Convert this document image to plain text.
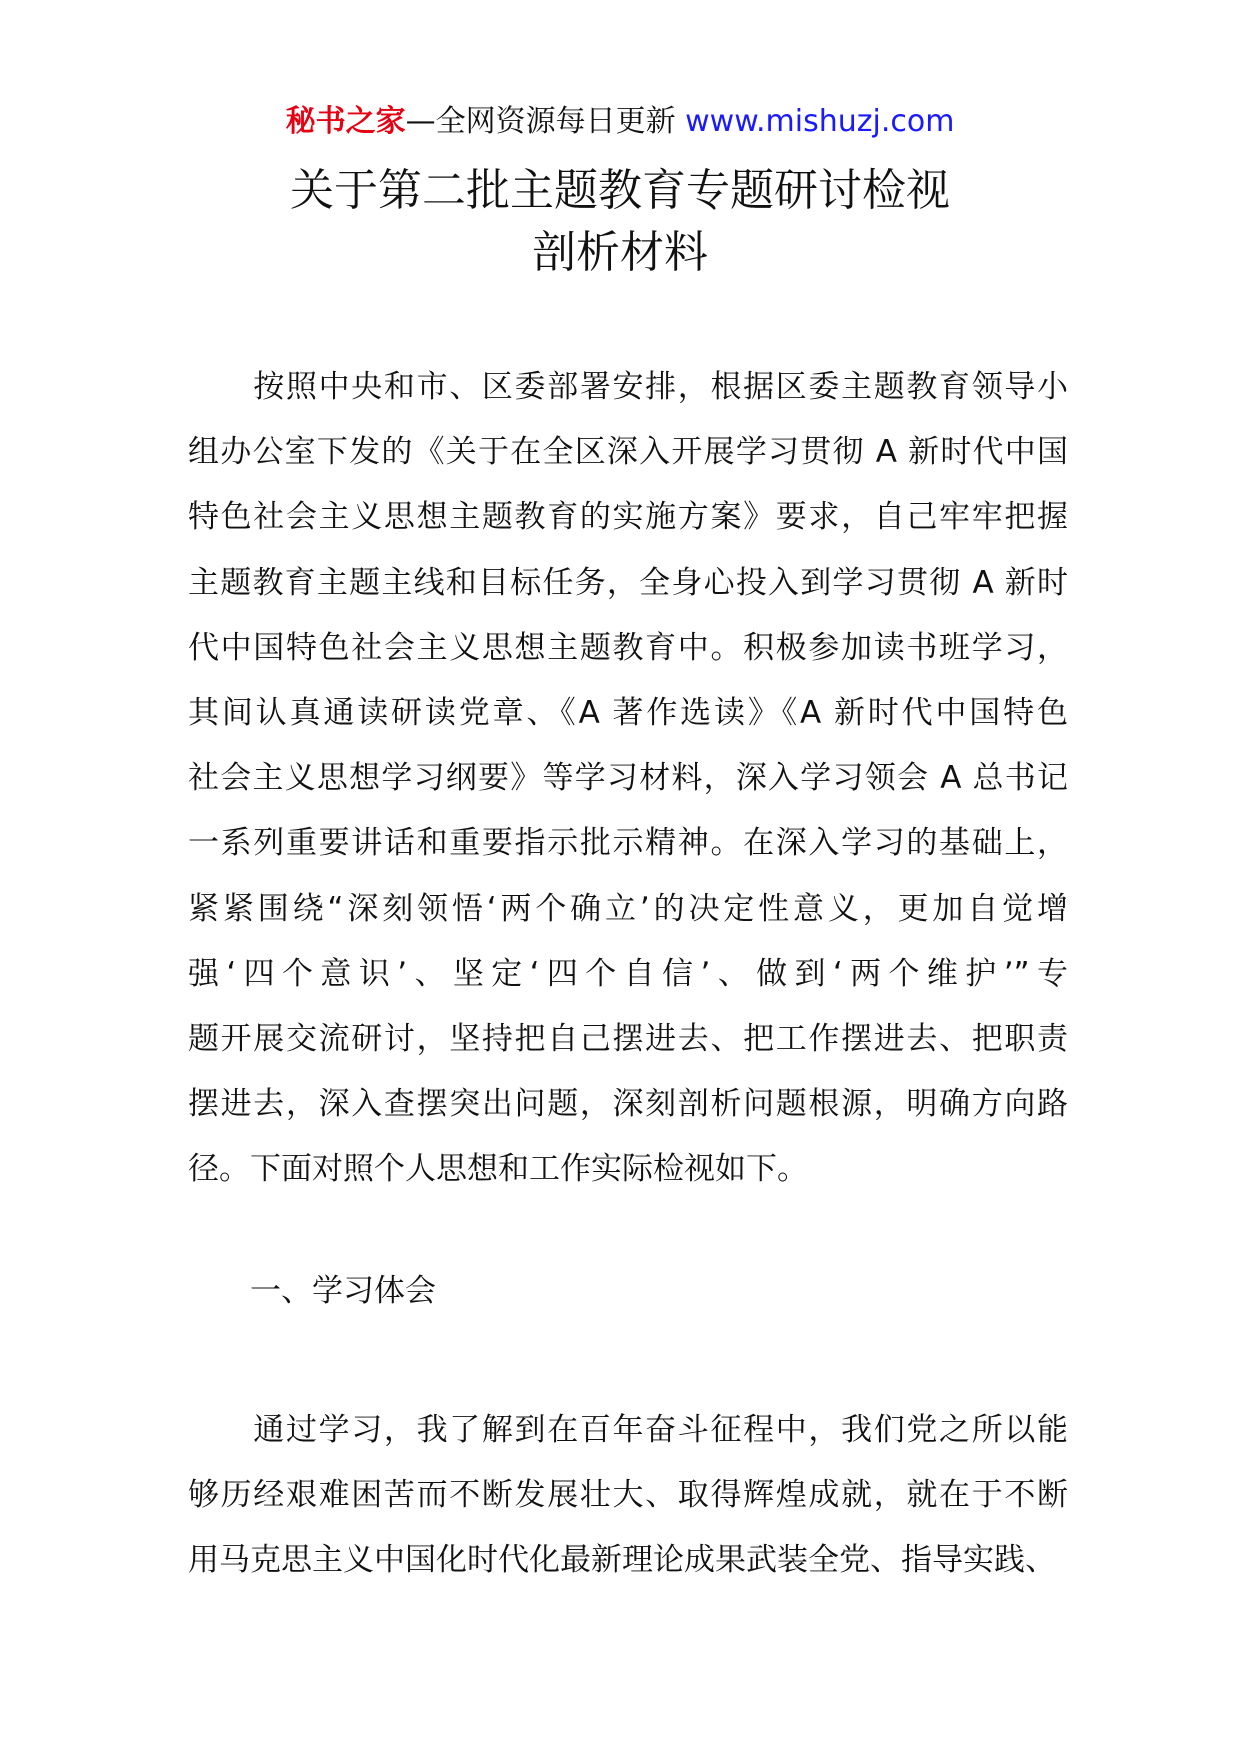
秘书之家—全网资源每日更新 www.mishuzj.com
关于第二批主题教育专题研讨检视
剖析材料
　　按照中央和市、区委部署安排，根据区委主题教育领导小
组办公室下发的《关于在全区深入开展学习贯彻 A 新时代中国
特色社会主义思想主题教育的实施方案》要求，自己牢牢把握
主题教育主题主线和目标任务，全身心投入到学习贯彻 A 新时
代中国特色社会主义思想主题教育中。积极参加读书班学习，
其间认真通读研读党章、《A 著作选读》《A 新时代中国特色
社会主义思想学习纲要》等学习材料，深入学习领会 A 总书记
一系列重要讲话和重要指示批示精神。在深入学习的基础上，
紧紧围绕“深刻领悟‘两个确立’的决定性意义，更加自觉增
强‘四个意识’、坚定‘四个自信’、做到‘两个维护’”专
题开展交流研讨，坚持把自己摆进去、把工作摆进去、把职责
摆进去，深入查摆突出问题，深刻剖析问题根源，明确方向路
径。下面对照个人思想和工作实际检视如下。
一、学习体会
　　通过学习，我了解到在百年奋斗征程中，我们党之所以能
够历经艰难困苦而不断发展壮大、取得辉煌成就，就在于不断
用马克思主义中国化时代化最新理论成果武装全党、指导实践、
